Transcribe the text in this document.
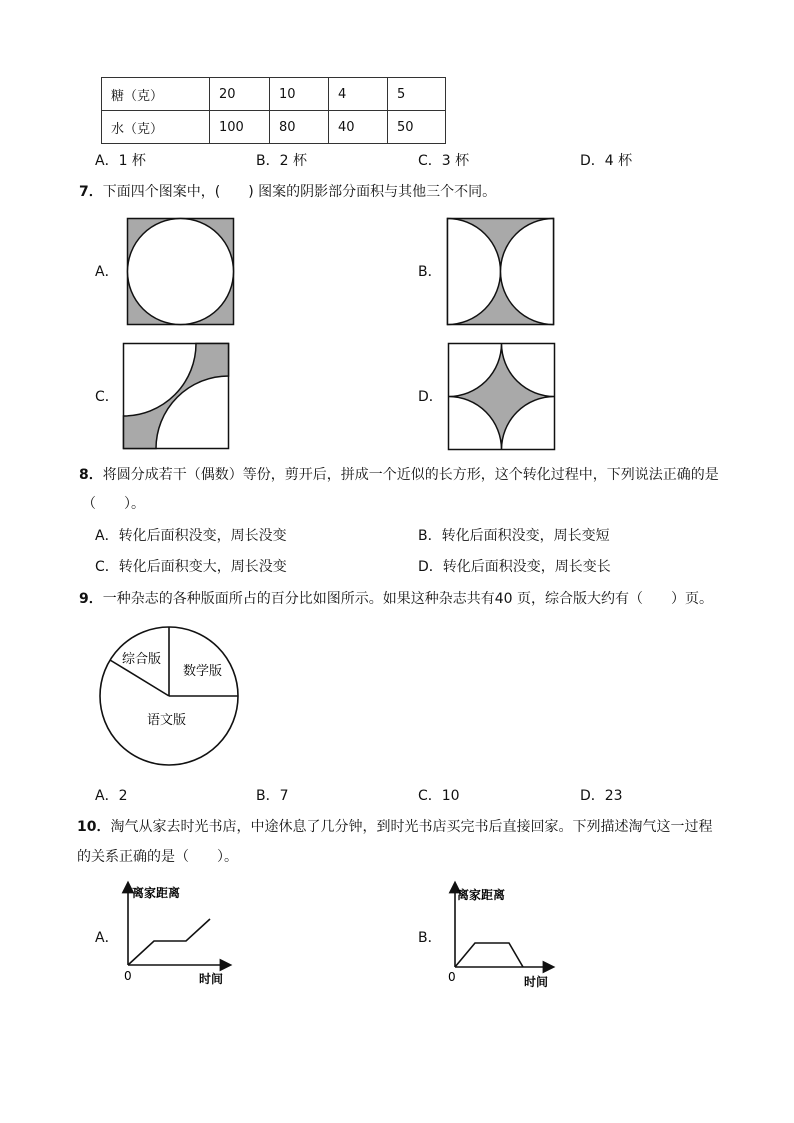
糖（克）	20	10	4	5
水（克）	100	80	40	50
A．1 杯	B．2 杯	C．3 杯	D．4 杯
7．下面四个图案中，(　　) 图案的阴影部分面积与其他三个不同。
A．	B．
C．	D．
8．将圆分成若干（偶数）等份，剪开后，拼成一个近似的长方形，这个转化过程中，下列说法正确的是
（　　）。
A．转化后面积没变，周长没变	B．转化后面积没变，周长变短
C．转化后面积变大，周长没变	D．转化后面积没变，周长变长
9．一种杂志的各种版面所占的百分比如图所示。如果这种杂志共有40 页，综合版大约有（　　）页。
综合版
数学版
语文版
A．2	B．7	C．10	D．23
10．淘气从家去时光书店，中途休息了几分钟，到时光书店买完书后直接回家。下列描述淘气这一过程
的关系正确的是（　　）。
A．
离家距离
0	时间
B．
离家距离
0	时间
